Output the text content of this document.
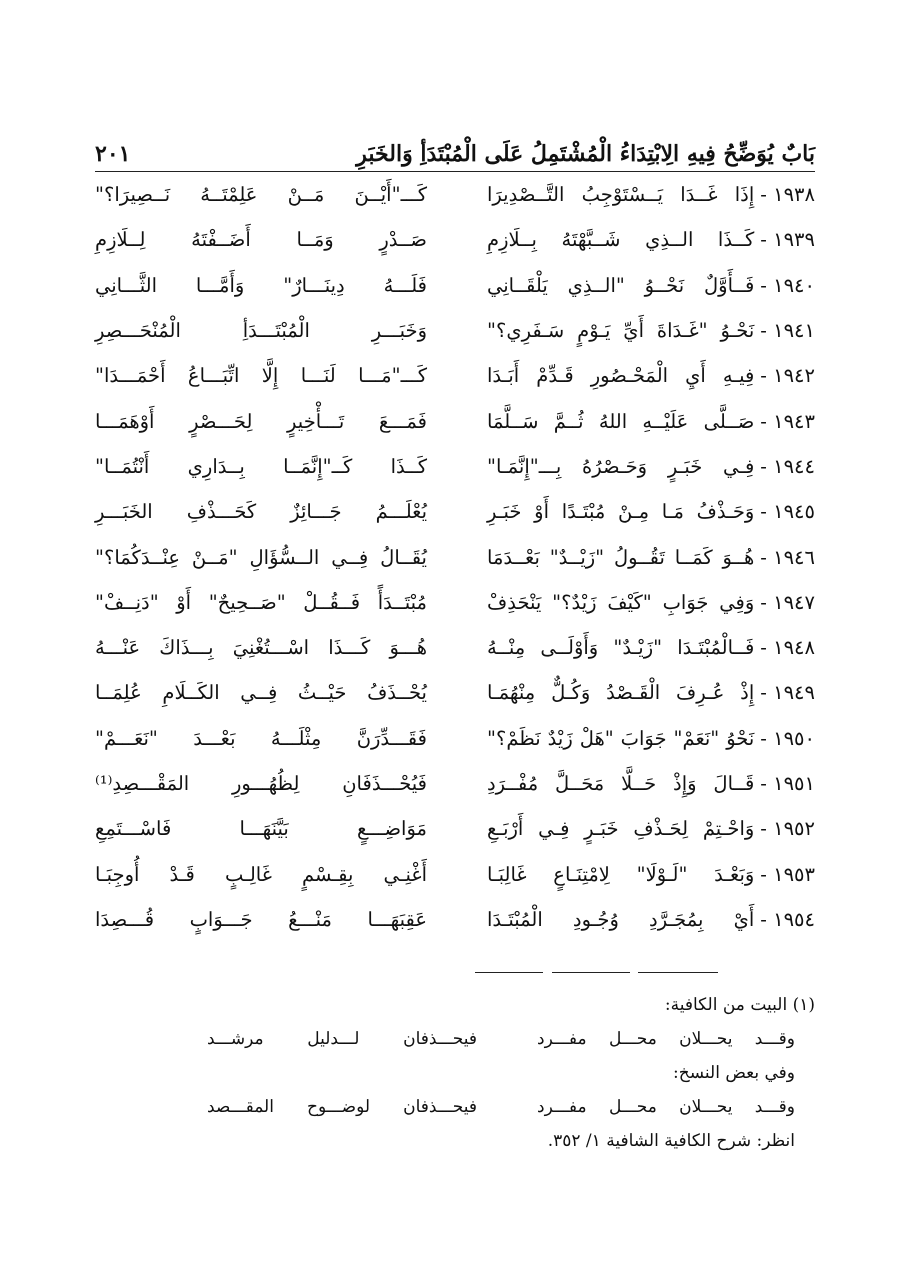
٢٠١	بَابٌ يُوَضِّحُ فِيهِ الِابْتِدَاءُ الْمُشْتَمِلُ عَلَى الْمُبْتَدَأِ وَالخَبَرِ
١٩٣٨ -
إِذَا غَــدَا يَــسْتَوْجِبُ التَّــصْدِيرَا
كَـــ"أَيْــنَ مَــنْ عَلِمْتَــهُ نَــصِيرَا؟"
١٩٣٩ -
كَــذَا الــذِي شَــبَّهْتَهُ بِــلَازِمِ
صَــدْرٍ وَمَــا أَضَــفْتَهُ لِــلَازِمِ
١٩٤٠ -
فَــأَوَّلٌ نَحْــوُ "الــذِي يَلْقَــانِي
فَلَـــهُ دِينَـــارٌ" وَأَمَّـــا الثَّـــانِي
١٩٤١ -
نَحْـوُ "غَـدَاةَ أَيِّ يَـوْمٍ سَـفَرِي؟"
وَخَبَـــرِ الْمُبْتَـــدَأِ الْمُنْحَـــصِرِ
١٩٤٢ -
فِيـهِ أَيِ الْمَحْـصُورِ قَـدِّمْ أَبَـدَا
كَـــ"مَـــا لَنَـــا إِلَّا اتِّبَـــاعُ أَحْمَـــدَا"
١٩٤٣ -
صَــلَّى عَلَيْــهِ اللهُ ثُــمَّ سَــلَّمَا
فَمَـــعَ تَـــأْخِيرٍ لِحَـــصْرٍ أَوْهَمَـــا
١٩٤٤ -
فِـي خَبَـرٍ وَحَـصْرُهُ بِـــ"إِنَّمَـا"
كَــذَا كَــ"إِنَّمَــا بِــدَارِي أَنْتُمَــا"
١٩٤٥ -
وَحَـذْفُ مَـا مِـنْ مُبْتَـدًا أَوْ خَبَـرِ
يُعْلَـــمُ جَـــائِزٌ كَحَـــذْفِ الخَبَـــرِ
١٩٤٦ -
هُــوَ كَمَــا تَقُــولُ "زَيْــدٌ" بَعْــدَمَا
يُقَــالُ فِــي الــسُّؤَالِ "مَــنْ عِنْــدَكُمَا؟"
١٩٤٧ -
وَفِي جَوَابِ "كَيْفَ زَيْدٌ؟" يَنْحَذِفْ
مُبْتَــدَأً فَــقُــلْ "صَــحِيحٌ" أَوْ "دَنِــفْ"
١٩٤٨ -
فَــالْمُبْتَـدَا "زَيْـدٌ" وَأَوْلَــى مِنْــهُ
هُـــوَ كَـــذَا اسْـــتُغْنِيَ بِـــذَاكَ عَنْـــهُ
١٩٤٩ -
إِذْ عُـرِفَ الْقَـصْدُ وَكُـلٌّ مِنْهُمَـا
يُحْــذَفُ حَيْــثُ فِــي الكَــلَامِ عُلِمَــا
١٩٥٠ -
نَحْوُ "نَعَمْ" جَوَابَ "هَلْ زَيْدٌ نَظَمْ؟"
فَقَـــدِّرَنَّ مِثْلَـــهُ بَعْـــدَ "نَعَـــمْ"
١٩٥١ -
قَــالَ وَإِذْ حَــلَّا مَحَــلَّ مُفْــرَدِ
فَيُحْـــذَفَانِ لِظُهُـــورِ المَقْـــصِدِ⁽¹⁾
١٩٥٢ -
وَاحْـتِمْ لِحَـذْفِ خَبَـرٍ فِـي أَرْبَـعِ
مَوَاضِـــعٍ بَيَّنَهَـــا فَاسْـــتَمِعِ
١٩٥٣ -
وَبَعْـدَ "لَـوْلَا" لِامْتِنَـاعٍ غَالِبَـا
أَغْنِـي بِقِـسْمٍ غَالِـبٍ قَـدْ أُوجِبَـا
١٩٥٤ -
أَيْ بِمُجَـرَّدِ وُجُـودِ الْمُبْتَـدَا
عَقِبَهَـــا مَنْـــعُ جَـــوَابٍ قُـــصِدَا
(١) البيت من الكافية:
وقـــد يحـــلان محـــل مفـــرد
فيحـــذفان لـــدليل مرشـــد
وفي بعض النسخ:
وقـــد يحـــلان محـــل مفـــرد
فيحـــذفان لوضـــوح المقـــصد
انظر: شرح الكافية الشافية ١/ ٣٥٢.
